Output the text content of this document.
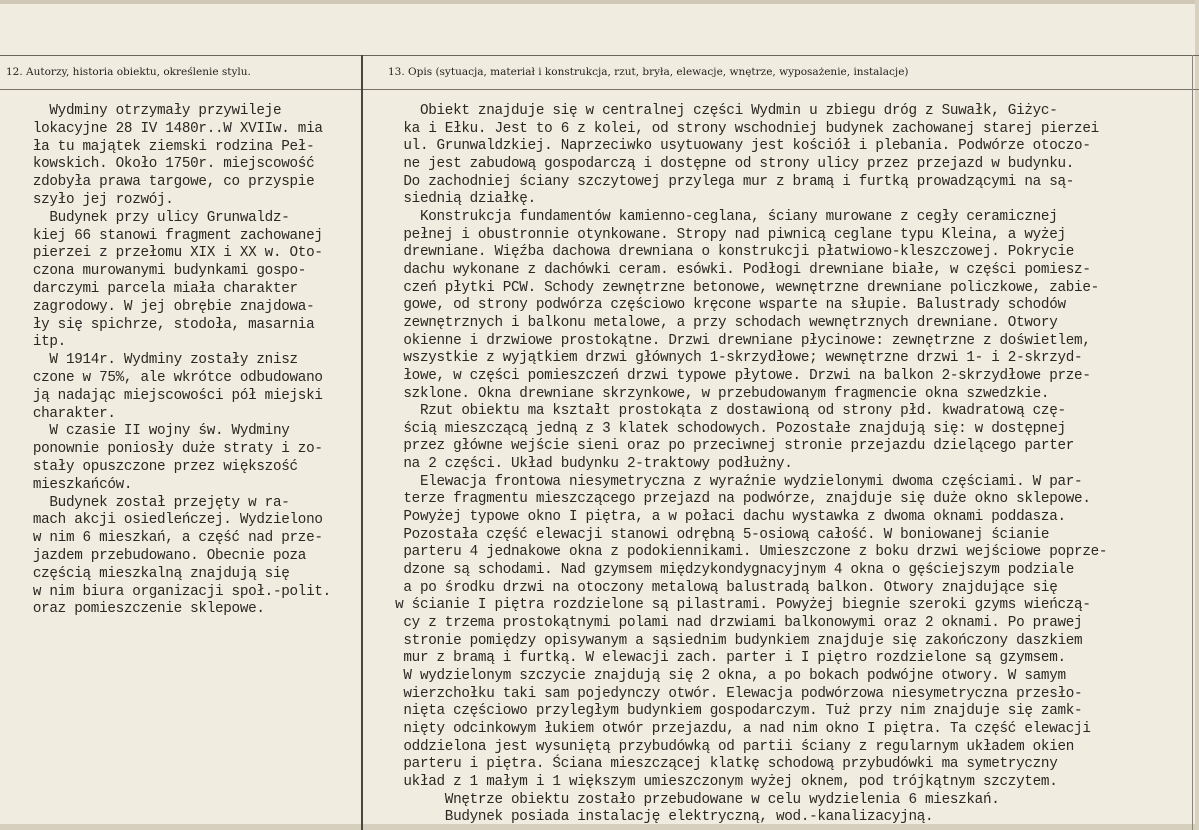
12. Autorzy, historia obiektu, określenie stylu.	13. Opis (sytuacja, materiał i konstrukcja, rzut, bryła, elewacje, wnętrze, wyposażenie, instalacje)
Wydminy otrzymały przywileje
lokacyjne 28 IV 1480r..W XVIIw. mia
ła tu majątek ziemski rodzina Peł-
kowskich. Około 1750r. miejscowość
zdobyła prawa targowe, co przyspie
szyło jej rozwój.
Budynek przy ulicy Grunwaldz-
kiej 66 stanowi fragment zachowanej
pierzei z przełomu XIX i XX w. Oto-
czona murowanymi budynkami gospo-
darczymi parcela miała charakter
zagrodowy. W jej obrębie znajdowa-
ły się spichrze, stodoła, masarnia
itp.
W 1914r. Wydminy zostały znisz
czone w 75%, ale wkrótce odbudowano
ją nadając miejscowości pół miejski
charakter.
W czasie II wojny św. Wydminy
ponownie poniosły duże straty i zo-
stały opuszczone przez większość
mieszkańców.
Budynek został przejęty w ra-
mach akcji osiedleńczej. Wydzielono
w nim 6 mieszkań, a część nad prze-
jazdem przebudowano. Obecnie poza
częścią mieszkalną znajdują się
w nim biura organizacji społ.-polit.
oraz pomieszczenie sklepowe.
Obiekt znajduje się w centralnej części Wydmin u zbiegu dróg z Suwałk, Giżyc-
ka i Ełku. Jest to 6 z kolei, od strony wschodniej budynek zachowanej starej pierzei
ul. Grunwaldzkiej. Naprzeciwko usytuowany jest kościół i plebania. Podwórze otoczo-
ne jest zabudową gospodarczą i dostępne od strony ulicy przez przejazd w budynku.
Do zachodniej ściany szczytowej przylega mur z bramą i furtką prowadzącymi na są-
siednią działkę.
Konstrukcja fundamentów kamienno-ceglana, ściany murowane z cegły ceramicznej
pełnej i obustronnie otynkowane. Stropy nad piwnicą ceglane typu Kleina, a wyżej
drewniane. Więźba dachowa drewniana o konstrukcji płatwiowo-kleszczowej. Pokrycie
dachu wykonane z dachówki ceram. esówki. Podłogi drewniane białe, w części pomiesz-
czeń płytki PCW. Schody zewnętrzne betonowe, wewnętrzne drewniane policzkowe, zabie-
gowe, od strony podwórza częściowo kręcone wsparte na słupie. Balustrady schodów
zewnętrznych i balkonu metalowe, a przy schodach wewnętrznych drewniane. Otwory
okienne i drzwiowe prostokątne. Drzwi drewniane płycinowe: zewnętrzne z doświetlem,
wszystkie z wyjątkiem drzwi głównych 1-skrzydłowe; wewnętrzne drzwi 1- i 2-skrzyd-
łowe, w części pomieszczeń drzwi typowe płytowe. Drzwi na balkon 2-skrzydłowe prze-
szklone. Okna drewniane skrzynkowe, w przebudowanym fragmencie okna szwedzkie.
Rzut obiektu ma kształt prostokąta z dostawioną od strony płd. kwadratową czę-
ścią mieszczącą jedną z 3 klatek schodowych. Pozostałe znajdują się: w dostępnej
przez główne wejście sieni oraz po przeciwnej stronie przejazdu dzielącego parter
na 2 części. Układ budynku 2-traktowy podłużny.
Elewacja frontowa niesymetryczna z wyraźnie wydzielonymi dwoma częściami. W par-
terze fragmentu mieszczącego przejazd na podwórze, znajduje się duże okno sklepowe.
Powyżej typowe okno I piętra, a w połaci dachu wystawka z dwoma oknami poddasza.
Pozostała część elewacji stanowi odrębną 5-osiową całość. W boniowanej ścianie
parteru 4 jednakowe okna z podokiennikami. Umieszczone z boku drzwi wejściowe poprze-
dzone są schodami. Nad gzymsem międzykondygnacyjnym 4 okna o gęściejszym podziale
a po środku drzwi na otoczony metalową balustradą balkon. Otwory znajdujące się
w ścianie I piętra rozdzielone są pilastrami. Powyżej biegnie szeroki gzyms wieńczą-
cy z trzema prostokątnymi polami nad drzwiami balkonowymi oraz 2 oknami. Po prawej
stronie pomiędzy opisywanym a sąsiednim budynkiem znajduje się zakończony daszkiem
mur z bramą i furtką. W elewacji zach. parter i I piętro rozdzielone są gzymsem.
W wydzielonym szczycie znajdują się 2 okna, a po bokach podwójne otwory. W samym
wierzchołku taki sam pojedynczy otwór. Elewacja podwórzowa niesymetryczna przesło-
nięta częściowo przyległym budynkiem gospodarczym. Tuż przy nim znajduje się zamk-
nięty odcinkowym łukiem otwór przejazdu, a nad nim okno I piętra. Ta część elewacji
oddzielona jest wysuniętą przybudówką od partii ściany z regularnym układem okien
parteru i piętra. Ściana mieszczącej klatkę schodową przybudówki ma symetryczny
układ z 1 małym i 1 większym umieszczonym wyżej oknem, pod trójkątnym szczytem.
Wnętrze obiektu zostało przebudowane w celu wydzielenia 6 mieszkań.
Budynek posiada instalację elektryczną, wod.-kanalizacyjną.
